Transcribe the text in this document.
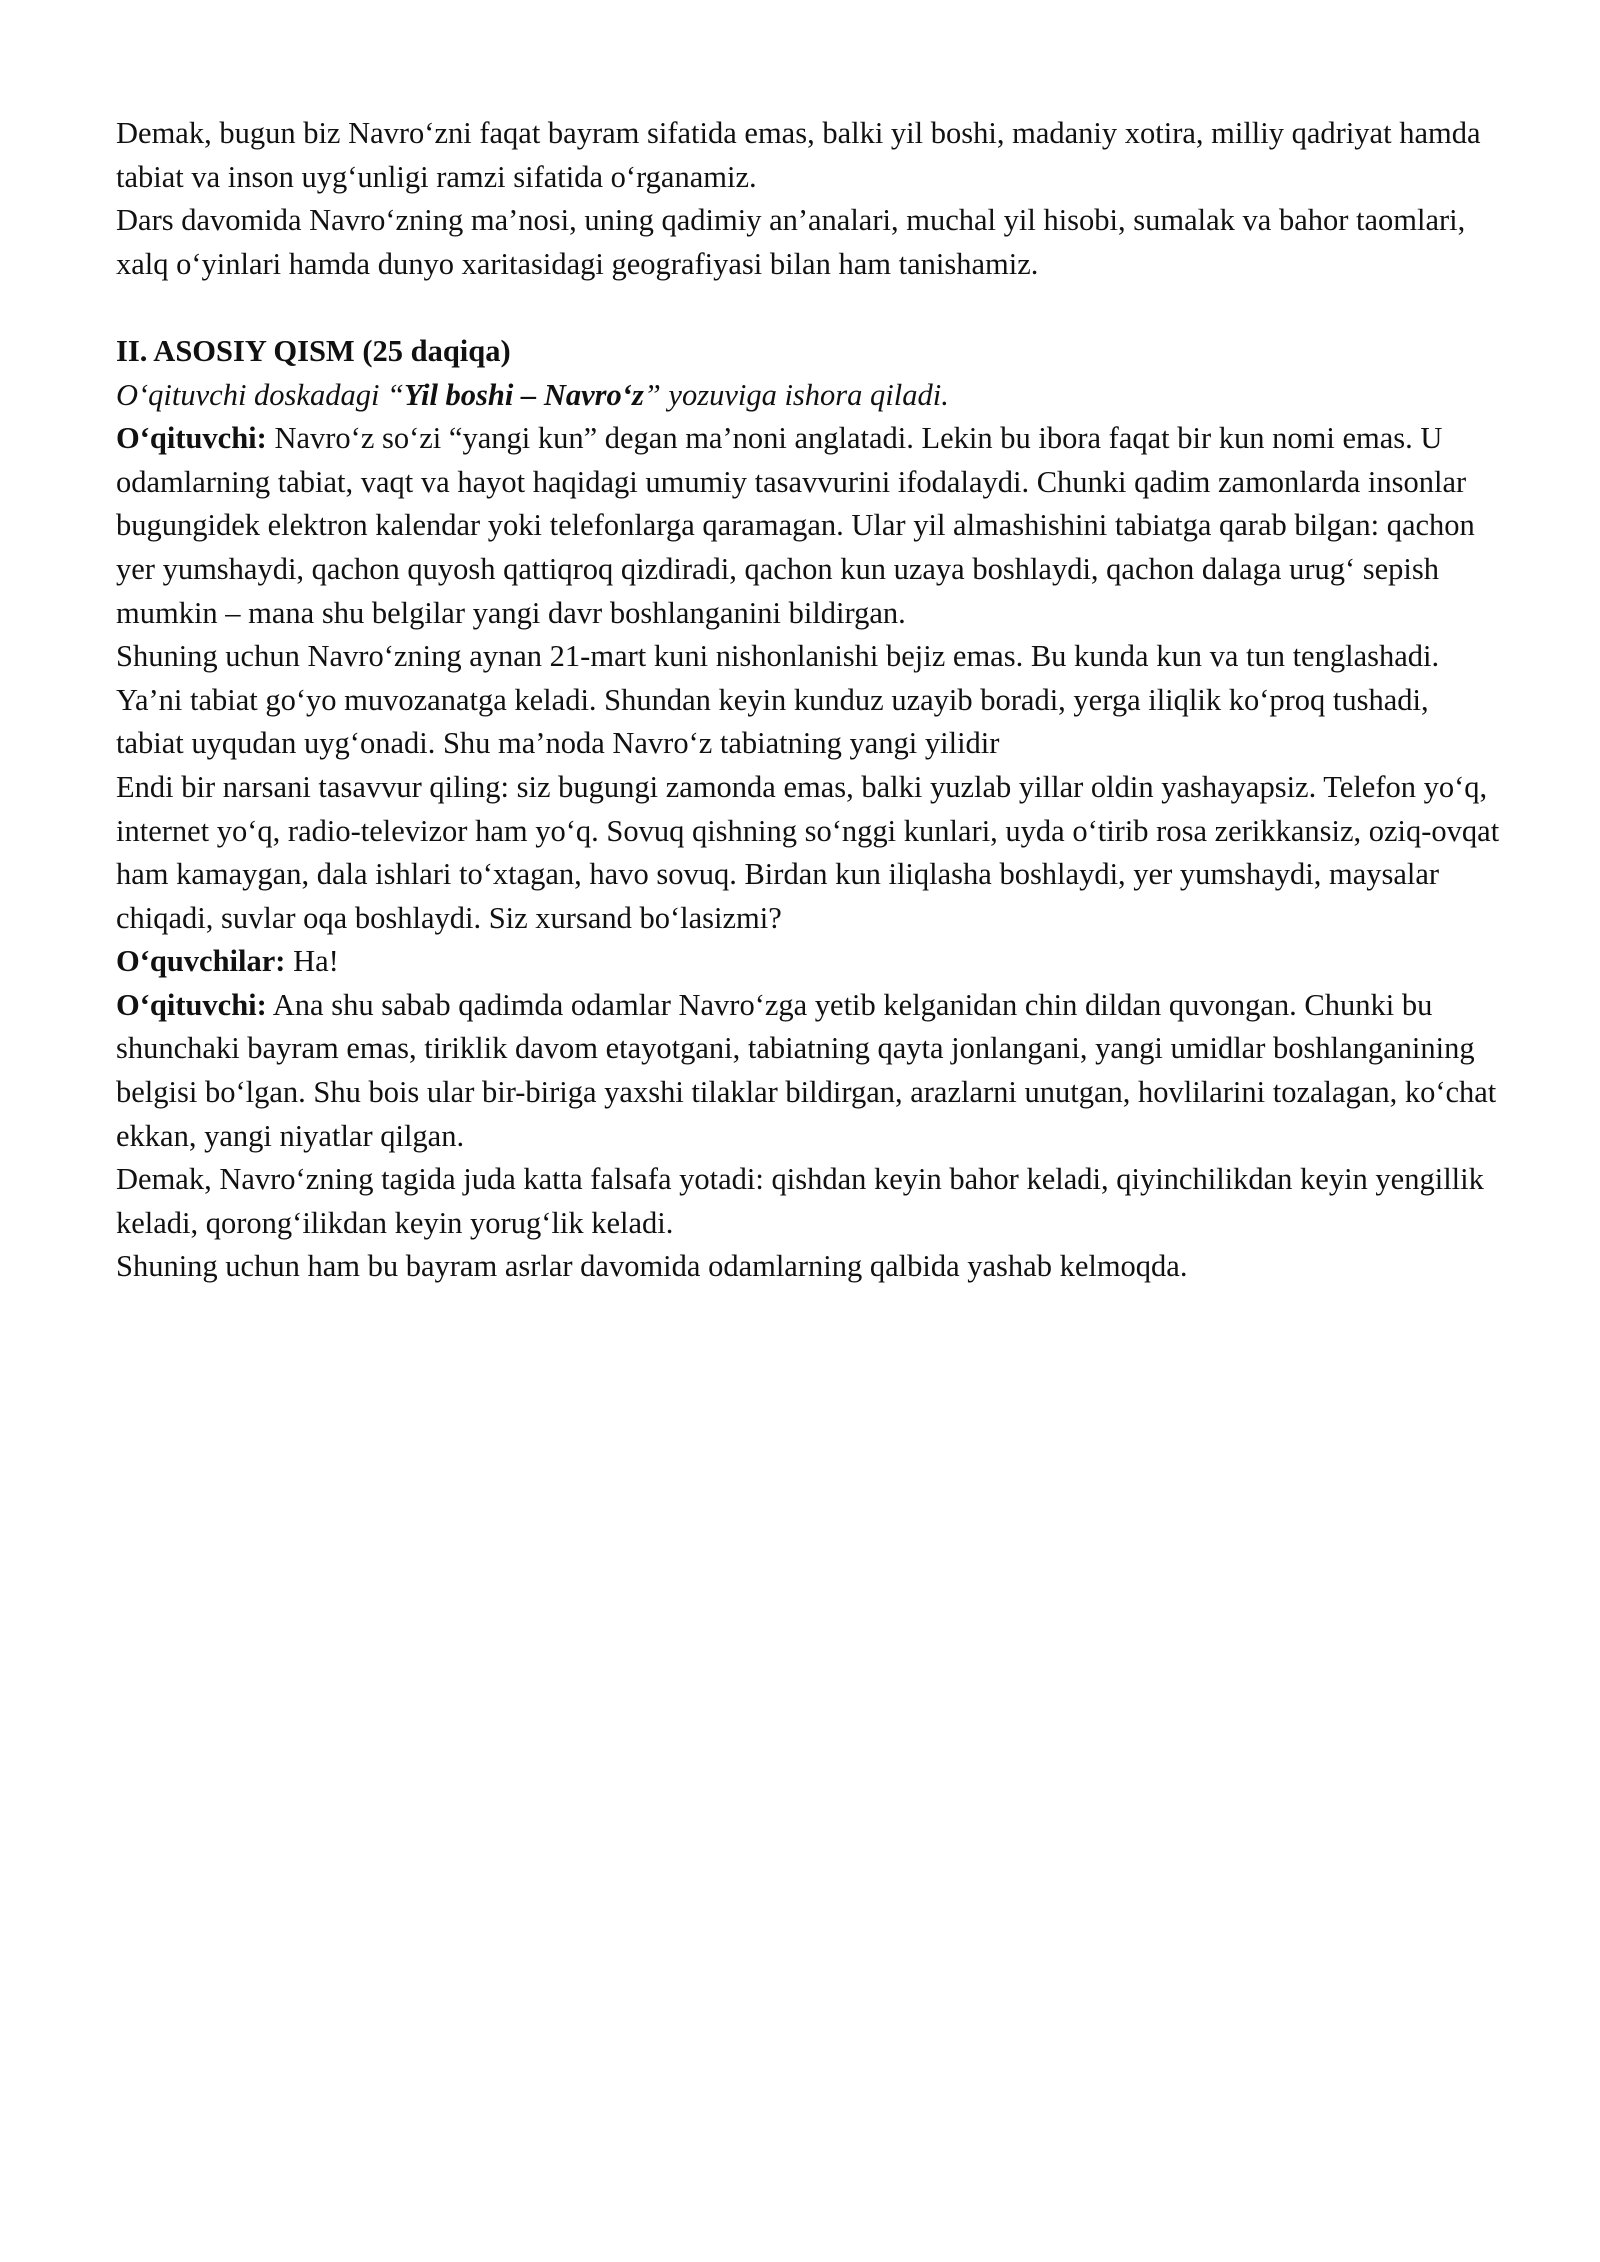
Demak, bugun biz Navro‘zni faqat bayram sifatida emas, balki yil boshi, madaniy xotira, milliy qadriyat hamda tabiat va inson uyg‘unligi ramzi sifatida o‘rganamiz.

Dars davomida Navro‘zning ma’nosi, uning qadimiy an’analari, muchal yil hisobi, sumalak va bahor taomlari, xalq o‘yinlari hamda dunyo xaritasidagi geografiyasi bilan ham tanishamiz.

II. ASOSIY QISM (25 daqiqa)

O‘qituvchi doskadagi “Yil boshi – Navro‘z” yozuviga ishora qiladi.

O‘qituvchi: Navro‘z so‘zi “yangi kun” degan ma’noni anglatadi. Lekin bu ibora faqat bir kun nomi emas. U odamlarning tabiat, vaqt va hayot haqidagi umumiy tasavvurini ifodalaydi. Chunki qadim zamonlarda insonlar bugungidek elektron kalendar yoki telefonlarga qaramagan. Ular yil almashishini tabiatga qarab bilgan: qachon yer yumshaydi, qachon quyosh qattiqroq qizdiradi, qachon kun uzaya boshlaydi, qachon dalaga urug‘ sepish mumkin – mana shu belgilar yangi davr boshlanganini bildirgan.

Shuning uchun Navro‘zning aynan 21-mart kuni nishonlanishi bejiz emas. Bu kunda kun va tun tenglashadi. Ya’ni tabiat go‘yo muvozanatga keladi. Shundan keyin kunduz uzayib boradi, yerga iliqlik ko‘proq tushadi, tabiat uyqudan uyg‘onadi. Shu ma’noda Navro‘z tabiatning yangi yilidir

Endi bir narsani tasavvur qiling: siz bugungi zamonda emas, balki yuzlab yillar oldin yashayapsiz. Telefon yo‘q, internet yo‘q, radio-televizor ham yo‘q. Sovuq qishning so‘nggi kunlari, uyda o‘tirib rosa zerikkansiz, oziq-ovqat ham kamaygan, dala ishlari to‘xtagan, havo sovuq. Birdan kun iliqlasha boshlaydi, yer yumshaydi, maysalar chiqadi, suvlar oqa boshlaydi. Siz xursand bo‘lasizmi?

O‘quvchilar: Ha!

O‘qituvchi: Ana shu sabab qadimda odamlar Navro‘zga yetib kelganidan chin dildan quvongan. Chunki bu shunchaki bayram emas, tiriklik davom etayotgani, tabiatning qayta jonlangani, yangi umidlar boshlanganining belgisi bo‘lgan. Shu bois ular bir-biriga yaxshi tilaklar bildirgan, arazlarni unutgan, hovlilarini tozalagan, ko‘chat ekkan, yangi niyatlar qilgan.

Demak, Navro‘zning tagida juda katta falsafa yotadi: qishdan keyin bahor keladi, qiyinchilikdan keyin yengillik keladi, qorong‘ilikdan keyin yorug‘lik keladi.

Shuning uchun ham bu bayram asrlar davomida odamlarning qalbida yashab kelmoqda.
